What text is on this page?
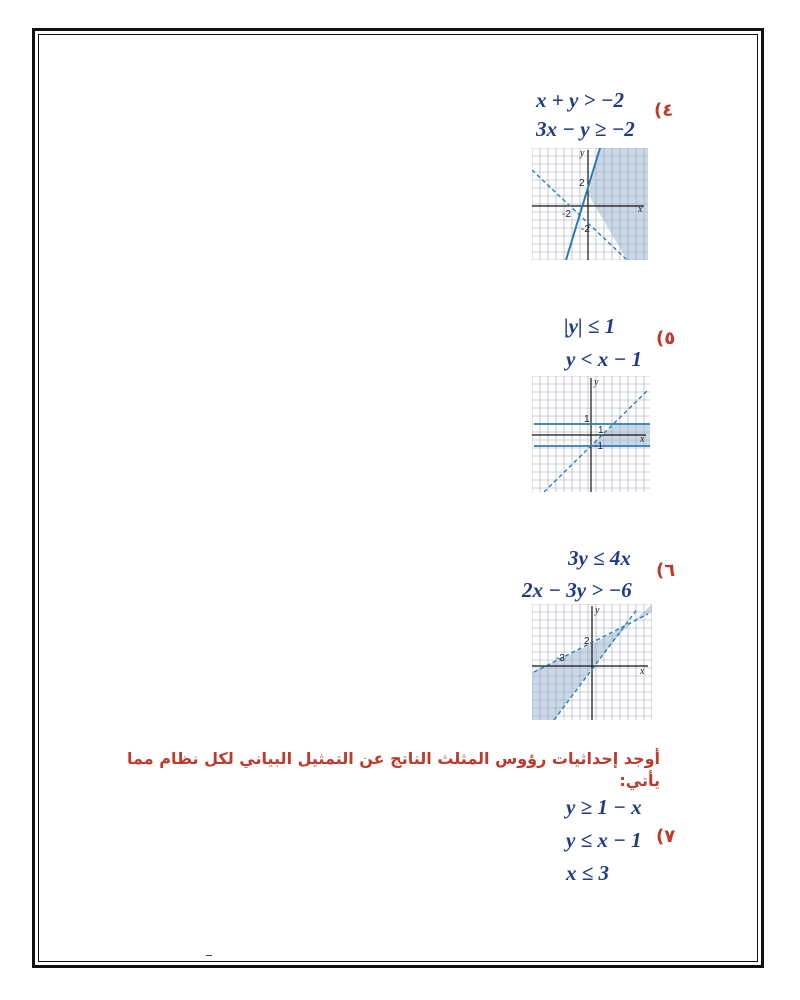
x + y > −2
3x − y ≥ −2
(٤
x
y
2
-2
-2
|y| ≤ 1
y < x − 1
(٥
x
y
1
1
-1
3y ≤ 4x
2x − 3y > −6
(٦
x
y
2
-3
أوجد إحداثيات رؤوس المثلث الناتج عن التمثيل البياني لكل نظام مما يأتي:
y ≥ 1 − x
y ≤ x − 1 (٧
x ≤ 3
